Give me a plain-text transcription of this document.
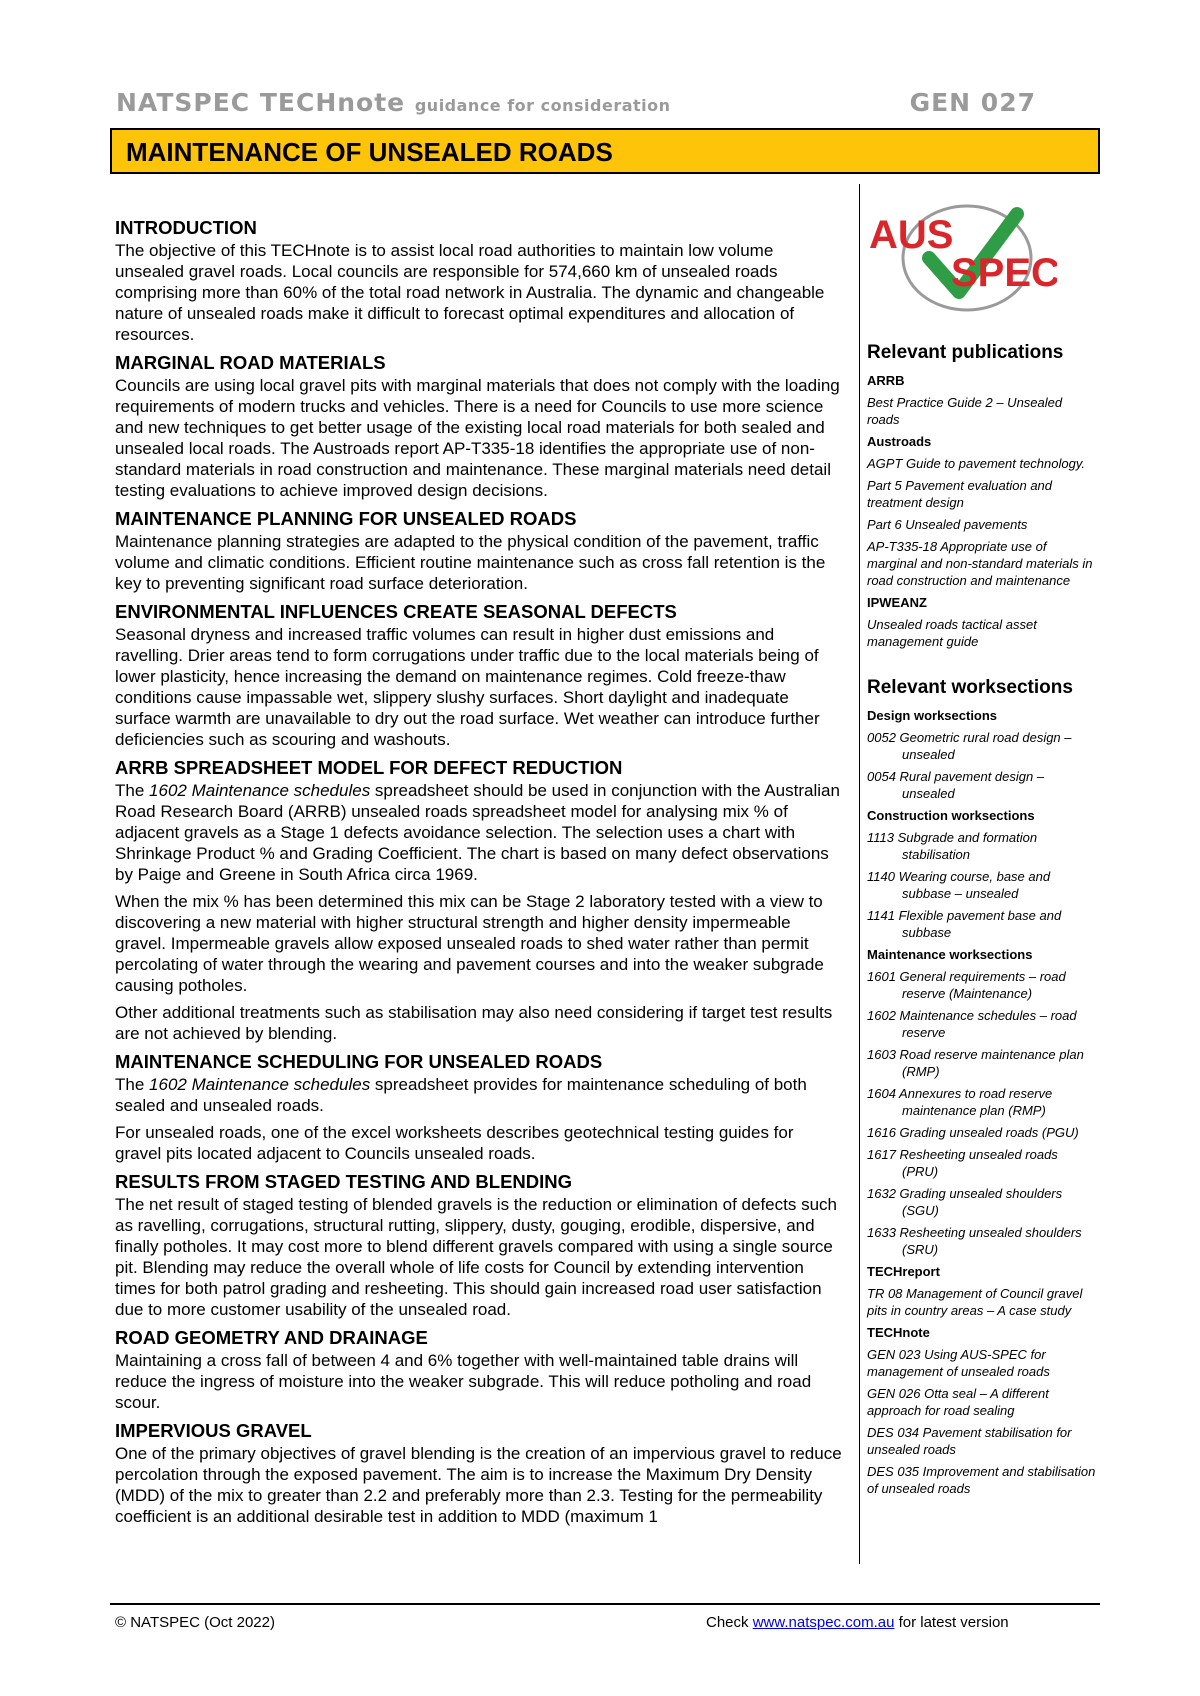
NATSPEC TECHnote guidance for consideration	GEN 027
MAINTENANCE OF UNSEALED ROADS
INTRODUCTION

The objective of this TECHnote is to assist local road authorities to maintain low volume unsealed gravel roads. Local councils are responsible for 574,660 km of unsealed roads comprising more than 60% of the total road network in Australia. The dynamic and changeable nature of unsealed roads make it difficult to forecast optimal expenditures and allocation of resources.

MARGINAL ROAD MATERIALS

Councils are using local gravel pits with marginal materials that does not comply with the loading requirements of modern trucks and vehicles. There is a need for Councils to use more science and new techniques to get better usage of the existing local road materials for both sealed and unsealed local roads. The Austroads report AP-T335-18 identifies the appropriate use of non-standard materials in road construction and maintenance. These marginal materials need detail testing evaluations to achieve improved design decisions.

MAINTENANCE PLANNING FOR UNSEALED ROADS

Maintenance planning strategies are adapted to the physical condition of the pavement, traffic volume and climatic conditions. Efficient routine maintenance such as cross fall retention is the key to preventing significant road surface deterioration.

ENVIRONMENTAL INFLUENCES CREATE SEASONAL DEFECTS

Seasonal dryness and increased traffic volumes can result in higher dust emissions and ravelling. Drier areas tend to form corrugations under traffic due to the local materials being of lower plasticity, hence increasing the demand on maintenance regimes. Cold freeze-thaw conditions cause impassable wet, slippery slushy surfaces. Short daylight and inadequate surface warmth are unavailable to dry out the road surface. Wet weather can introduce further deficiencies such as scouring and washouts.

ARRB SPREADSHEET MODEL FOR DEFECT REDUCTION

The 1602 Maintenance schedules spreadsheet should be used in conjunction with the Australian Road Research Board (ARRB) unsealed roads spreadsheet model for analysing mix % of adjacent gravels as a Stage 1 defects avoidance selection. The selection uses a chart with Shrinkage Product % and Grading Coefficient. The chart is based on many defect observations by Paige and Greene in South Africa circa 1969.

When the mix % has been determined this mix can be Stage 2 laboratory tested with a view to discovering a new material with higher structural strength and higher density impermeable gravel. Impermeable gravels allow exposed unsealed roads to shed water rather than permit percolating of water through the wearing and pavement courses and into the weaker subgrade causing potholes.

Other additional treatments such as stabilisation may also need considering if target test results are not achieved by blending.

MAINTENANCE SCHEDULING FOR UNSEALED ROADS

The 1602 Maintenance schedules spreadsheet provides for maintenance scheduling of both sealed and unsealed roads.

For unsealed roads, one of the excel worksheets describes geotechnical testing guides for gravel pits located adjacent to Councils unsealed roads.

RESULTS FROM STAGED TESTING AND BLENDING

The net result of staged testing of blended gravels is the reduction or elimination of defects such as ravelling, corrugations, structural rutting, slippery, dusty, gouging, erodible, dispersive, and finally potholes. It may cost more to blend different gravels compared with using a single source pit. Blending may reduce the overall whole of life costs for Council by extending intervention times for both patrol grading and resheeting. This should gain increased road user satisfaction due to more customer usability of the unsealed road.

ROAD GEOMETRY AND DRAINAGE

Maintaining a cross fall of between 4 and 6% together with well-maintained table drains will reduce the ingress of moisture into the weaker subgrade. This will reduce potholing and road scour.

IMPERVIOUS GRAVEL

One of the primary objectives of gravel blending is the creation of an impervious gravel to reduce percolation through the exposed pavement. The aim is to increase the Maximum Dry Density (MDD) of the mix to greater than 2.2 and preferably more than 2.3. Testing for the permeability coefficient is an additional desirable test in addition to MDD (maximum 1

AUS
SPEC
Relevant publications
ARRB
Best Practice Guide 2 – Unsealed roads
Austroads
AGPT Guide to pavement technology.
Part 5 Pavement evaluation and treatment design
Part 6 Unsealed pavements
AP-T335-18 Appropriate use of marginal and non-standard materials in road construction and maintenance
IPWEANZ
Unsealed roads tactical asset management guide
Relevant worksections
Design worksections
0052 Geometric rural road design – unsealed
0054 Rural pavement design – unsealed
Construction worksections
1113 Subgrade and formation stabilisation
1140 Wearing course, base and subbase – unsealed
1141 Flexible pavement base and subbase
Maintenance worksections
1601 General requirements – road reserve (Maintenance)
1602 Maintenance schedules – road reserve
1603 Road reserve maintenance plan (RMP)
1604 Annexures to road reserve maintenance plan (RMP)
1616 Grading unsealed roads (PGU)
1617 Resheeting unsealed roads (PRU)
1632 Grading unsealed shoulders (SGU)
1633 Resheeting unsealed shoulders (SRU)
TECHreport
TR 08 Management of Council gravel pits in country areas – A case study
TECHnote
GEN 023 Using AUS-SPEC for management of unsealed roads
GEN 026 Otta seal – A different approach for road sealing
DES 034 Pavement stabilisation for unsealed roads
DES 035 Improvement and stabilisation of unsealed roads
© NATSPEC (Oct 2022)	Check www.natspec.com.au for latest version
